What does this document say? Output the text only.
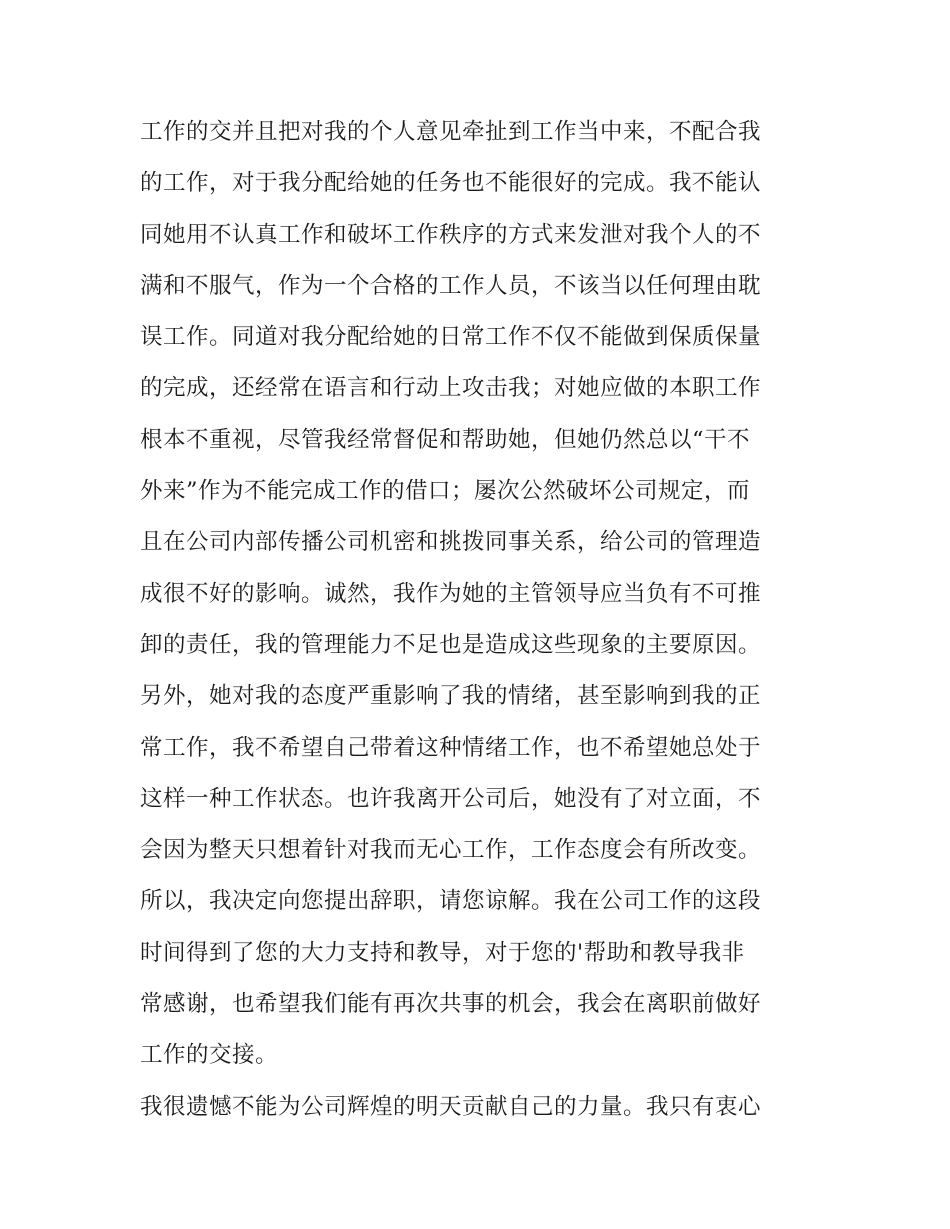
工作的交并且把对我的个人意见牵扯到工作当中来，不配合我
的工作，对于我分配给她的任务也不能很好的完成。我不能认
同她用不认真工作和破坏工作秩序的方式来发泄对我个人的不
满和不服气，作为一个合格的工作人员，不该当以任何理由耽
误工作。同道对我分配给她的日常工作不仅不能做到保质保量
的完成，还经常在语言和行动上攻击我；对她应做的本职工作
根本不重视，尽管我经常督促和帮助她，但她仍然总以“干不
外来”作为不能完成工作的借口；屡次公然破坏公司规定，而
且在公司内部传播公司机密和挑拨同事关系，给公司的管理造
成很不好的影响。诚然，我作为她的主管领导应当负有不可推
卸的责任，我的管理能力不足也是造成这些现象的主要原因。
另外，她对我的态度严重影响了我的情绪，甚至影响到我的正
常工作，我不希望自己带着这种情绪工作，也不希望她总处于
这样一种工作状态。也许我离开公司后，她没有了对立面，不
会因为整天只想着针对我而无心工作，工作态度会有所改变。
所以，我决定向您提出辞职，请您谅解。我在公司工作的这段
时间得到了您的大力支持和教导，对于您的'帮助和教导我非
常感谢，也希望我们能有再次共事的机会，我会在离职前做好
工作的交接。
我很遗憾不能为公司辉煌的明天贡献自己的力量。我只有衷心
